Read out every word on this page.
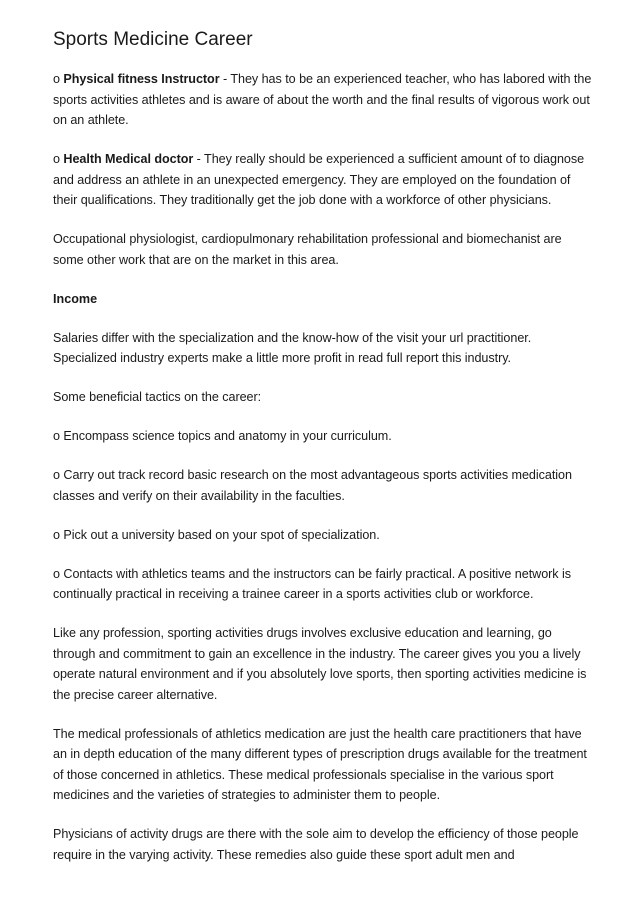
Sports Medicine Career

o Physical fitness Instructor - They has to be an experienced teacher, who has labored with the sports activities athletes and is aware of about the worth and the final results of vigorous work out on an athlete.

o Health Medical doctor - They really should be experienced a sufficient amount of to diagnose and address an athlete in an unexpected emergency. They are employed on the foundation of their qualifications. They traditionally get the job done with a workforce of other physicians.

Occupational physiologist, cardiopulmonary rehabilitation professional and biomechanist are some other work that are on the market in this area.

Income

Salaries differ with the specialization and the know-how of the visit your url practitioner. Specialized industry experts make a little more profit in read full report this industry.

Some beneficial tactics on the career:

o Encompass science topics and anatomy in your curriculum.

o Carry out track record basic research on the most advantageous sports activities medication classes and verify on their availability in the faculties.

o Pick out a university based on your spot of specialization.

o Contacts with athletics teams and the instructors can be fairly practical. A positive network is continually practical in receiving a trainee career in a sports activities club or workforce.

Like any profession, sporting activities drugs involves exclusive education and learning, go through and commitment to gain an excellence in the industry. The career gives you you a lively operate natural environment and if you absolutely love sports, then sporting activities medicine is the precise career alternative.

The medical professionals of athletics medication are just the health care practitioners that have an in depth education of the many different types of prescription drugs available for the treatment of those concerned in athletics. These medical professionals specialise in the various sport medicines and the varieties of strategies to administer them to people.

Physicians of activity drugs are there with the sole aim to develop the efficiency of those people require in the varying activity. These remedies also guide these sport adult men and
